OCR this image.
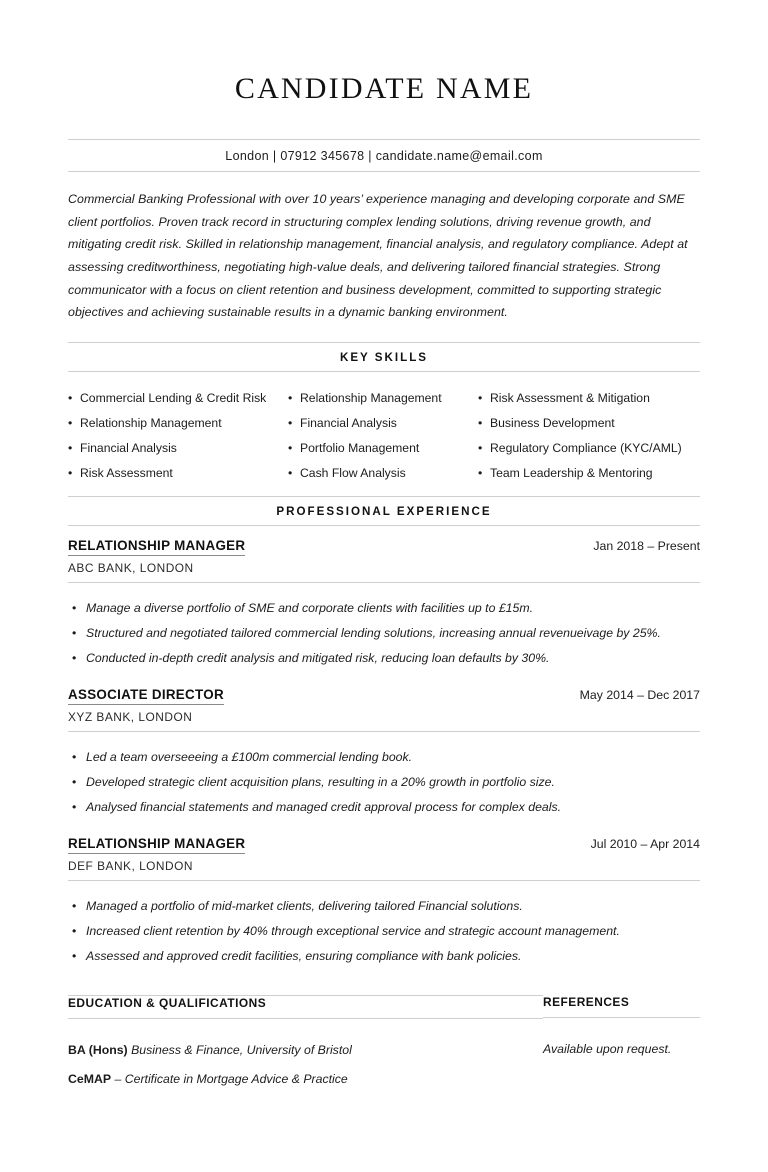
CANDIDATE NAME
London | 07912 345678 | candidate.name@email.com
Commercial Banking Professional with over 10 years’ experience managing and developing corporate and SME client portfolios. Proven track record in structuring complex lending solutions, driving revenue growth, and mitigating credit risk. Skilled in relationship management, financial analysis, and regulatory compliance. Adept at assessing creditworthiness, negotiating high-value deals, and delivering tailored financial strategies. Strong communicator with a focus on client retention and business development, committed to supporting strategic objectives and achieving sustainable results in a dynamic banking environment.
KEY SKILLS
• Commercial Lending & Credit Risk
• Relationship Management
• Financial Analysis
• Risk Assessment
• Relationship Management
• Financial Analysis
• Portfolio Management
• Cash Flow Analysis
• Risk Assessment & Mitigation
• Business Development
• Regulatory Compliance (KYC/AML)
• Team Leadership & Mentoring
PROFESSIONAL EXPERIENCE
RELATIONSHIP MANAGER	Jan 2018 – Present
ABC BANK, LONDON
• Manage a diverse portfolio of SME and corporate clients with facilities up to £15m.
• Structured and negotiated tailored commercial lending solutions, increasing annual revenueivage by 25%.
• Conducted in-depth credit analysis and mitigated risk, reducing loan defaults by 30%.
ASSOCIATE DIRECTOR	May 2014 – Dec 2017
XYZ BANK, LONDON
• Led a team overseeeing a £100m commercial lending book.
• Developed strategic client acquisition plans, resulting in a 20% growth in portfolio size.
• Analysed financial statements and managed credit approval process for complex deals.
RELATIONSHIP MANAGER	Jul 2010 – Apr 2014
DEF BANK, LONDON
• Managed a portfolio of mid-market clients, delivering tailored Financial solutions.
• Increased client retention by 40% through exceptional service and strategic account management.
• Assessed and approved credit facilities, ensuring compliance with bank policies.
EDUCATION & QUALIFICATIONS
BA (Hons) Business & Finance, University of Bristol
CeMAP – Certificate in Mortgage Advice & Practice
REFERENCES
Available upon request.
